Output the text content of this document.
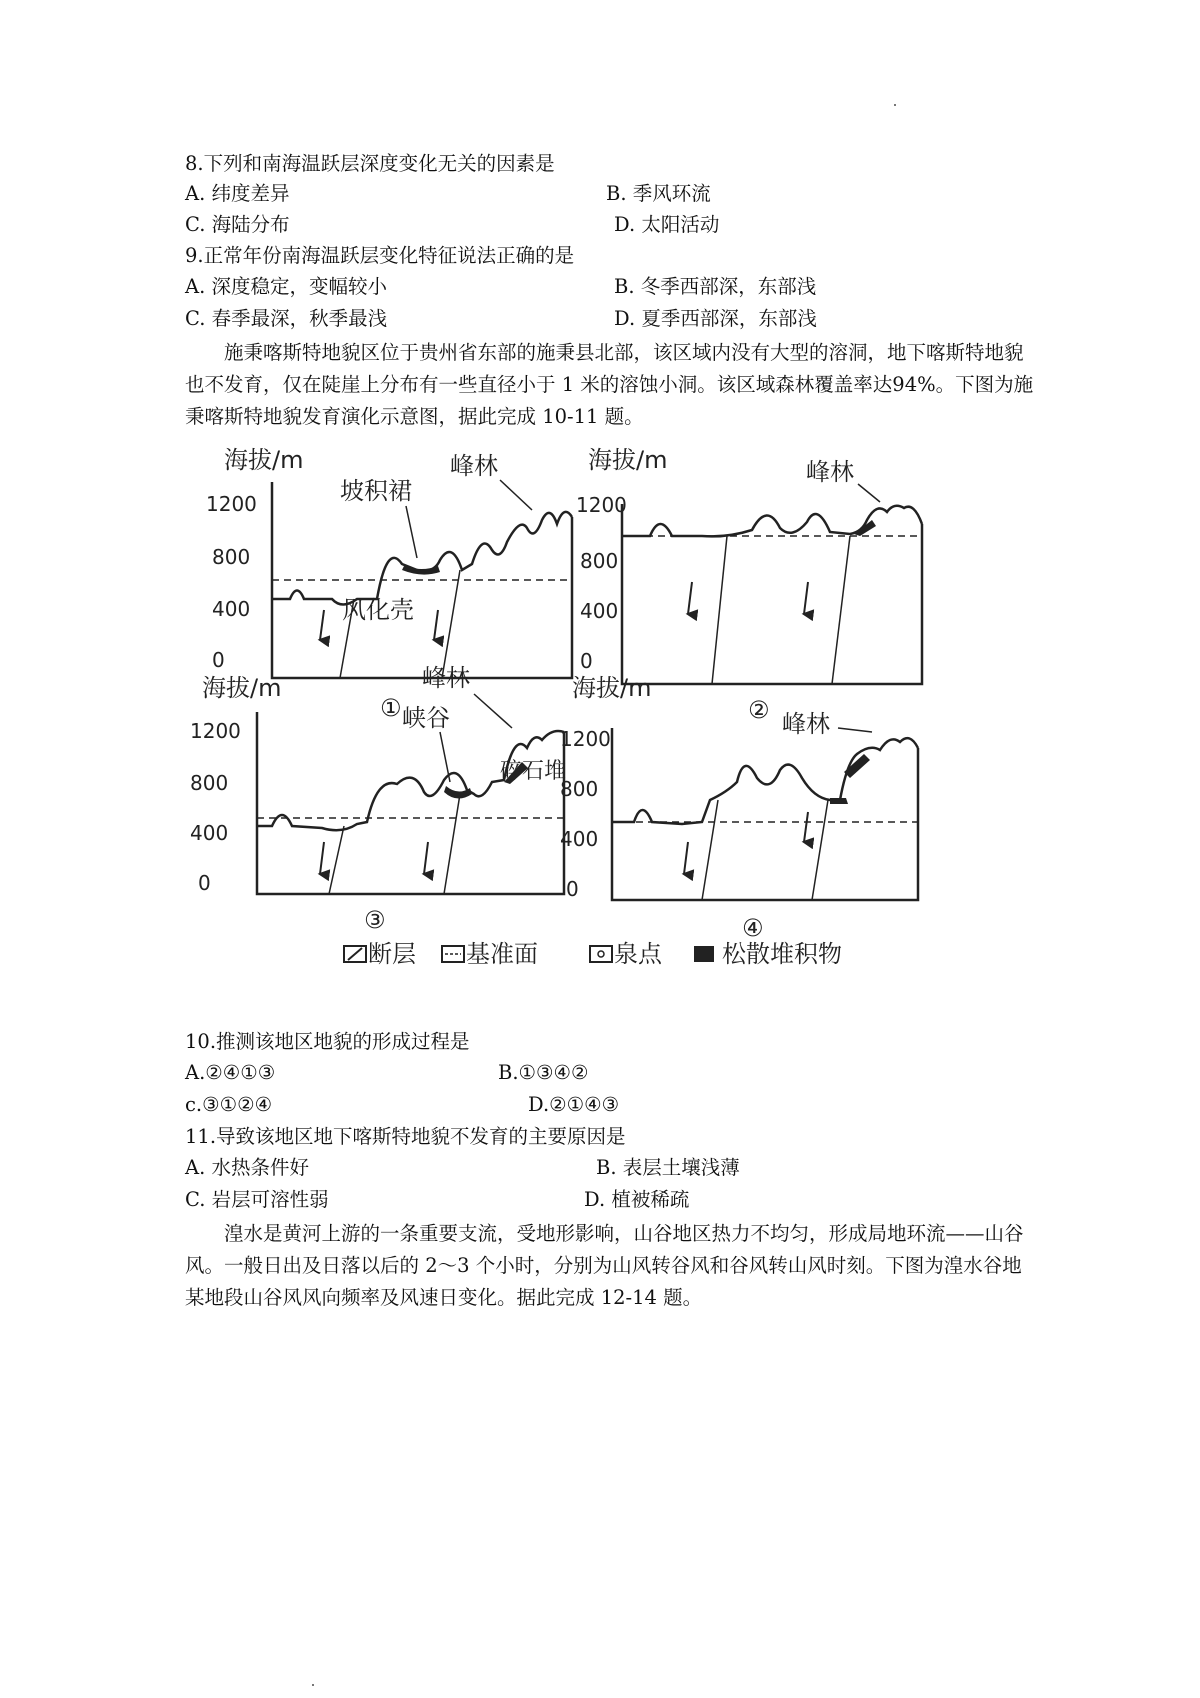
8.下列和南海温跃层深度变化无关的因素是
A. 纬度差异	B. 季风环流
C. 海陆分布	D. 太阳活动
9.正常年份南海温跃层变化特征说法正确的是
A. 深度稳定，变幅较小	B. 冬季西部深，东部浅
C. 春季最深，秋季最浅	D. 夏季西部深，东部浅
施秉喀斯特地貌区位于贵州省东部的施秉县北部，该区域内没有大型的溶洞，地下喀斯特地貌也不发育，仅在陡崖上分布有一些直径小于 1 米的溶蚀小洞。该区域森林覆盖率达94%。下图为施秉喀斯特地貌发育演化示意图，据此完成 10-11 题。
海拔/m
1200
800
400
0
峰林
坡积裙
风化壳
①
海拔/m
1200
800
400
0
峰林
②
海拔/m
1200
800
400
0
峰林
峡谷
碎石堆
③
海拔/m
1200
800
400
0
峰林
④
断层 基准面	泉点	松散堆积物
10.推测该地区地貌的形成过程是
A.②④①③	B.①③④②
c.③①②④	D.②①④③
11.导致该地区地下喀斯特地貌不发育的主要原因是
A. 水热条件好	B. 表层土壤浅薄
C. 岩层可溶性弱	D. 植被稀疏
湟水是黄河上游的一条重要支流，受地形影响，山谷地区热力不均匀，形成局地环流——山谷风。一般日出及日落以后的 2～3 个小时，分别为山风转谷风和谷风转山风时刻。下图为湟水谷地某地段山谷风风向频率及风速日变化。据此完成 12-14 题。
